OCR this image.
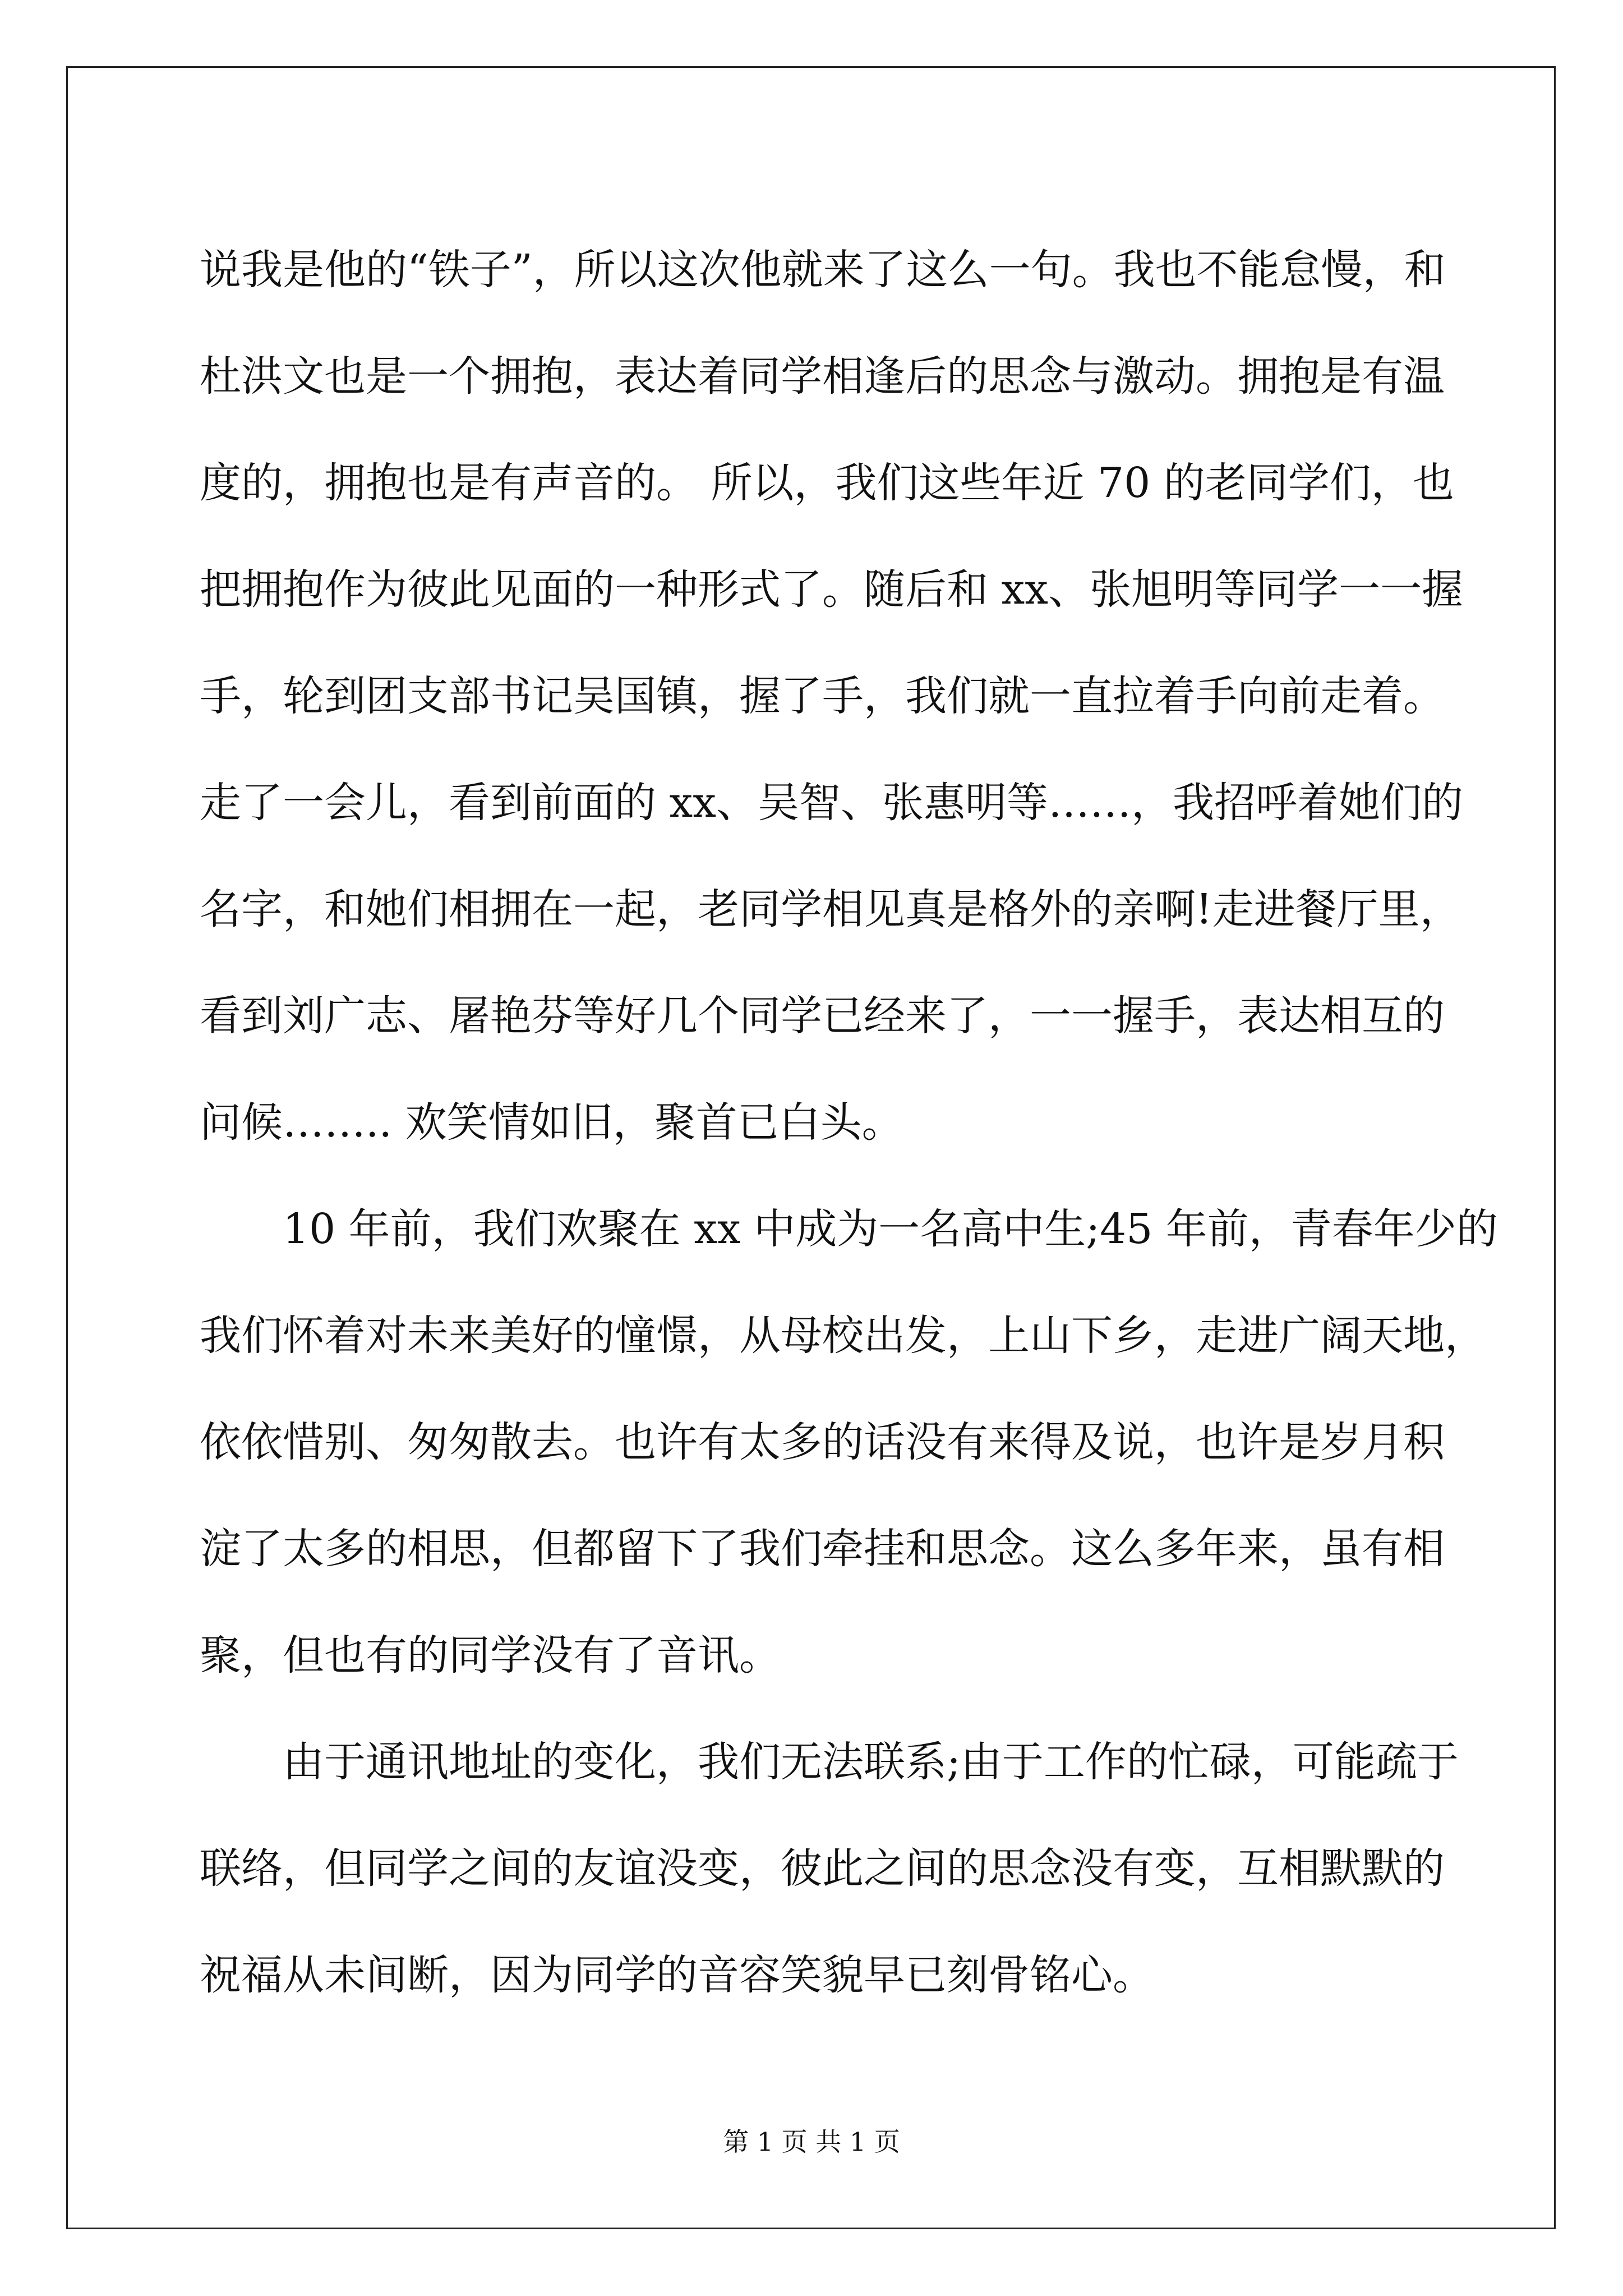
说我是他的“铁子”，所以这次他就来了这么一句。我也不能怠慢，和
杜洪文也是一个拥抱，表达着同学相逢后的思念与激动。拥抱是有温
度的，拥抱也是有声音的。 所以，我们这些年近 70 的老同学们，也
把拥抱作为彼此见面的一种形式了。随后和 xx、张旭明等同学一一握
手，轮到团支部书记吴国镇，握了手，我们就一直拉着手向前走着。
走了一会儿，看到前面的 xx、吴智、张惠明等……，我招呼着她们的
名字，和她们相拥在一起，老同学相见真是格外的亲啊!走进餐厅里，
看到刘广志、屠艳芬等好几个同学已经来了，一一握手，表达相互的
问候…….. 欢笑情如旧，聚首已白头。
10 年前，我们欢聚在 xx 中成为一名高中生;45 年前，青春年少的
我们怀着对未来美好的憧憬，从母校出发，上山下乡，走进广阔天地，
依依惜别、匆匆散去。也许有太多的话没有来得及说，也许是岁月积
淀了太多的相思，但都留下了我们牵挂和思念。这么多年来，虽有相
聚，但也有的同学没有了音讯。
由于通讯地址的变化，我们无法联系;由于工作的忙碌，可能疏于
联络，但同学之间的友谊没变，彼此之间的思念没有变，互相默默的
祝福从未间断，因为同学的音容笑貌早已刻骨铭心。
第 1 页 共 1 页
